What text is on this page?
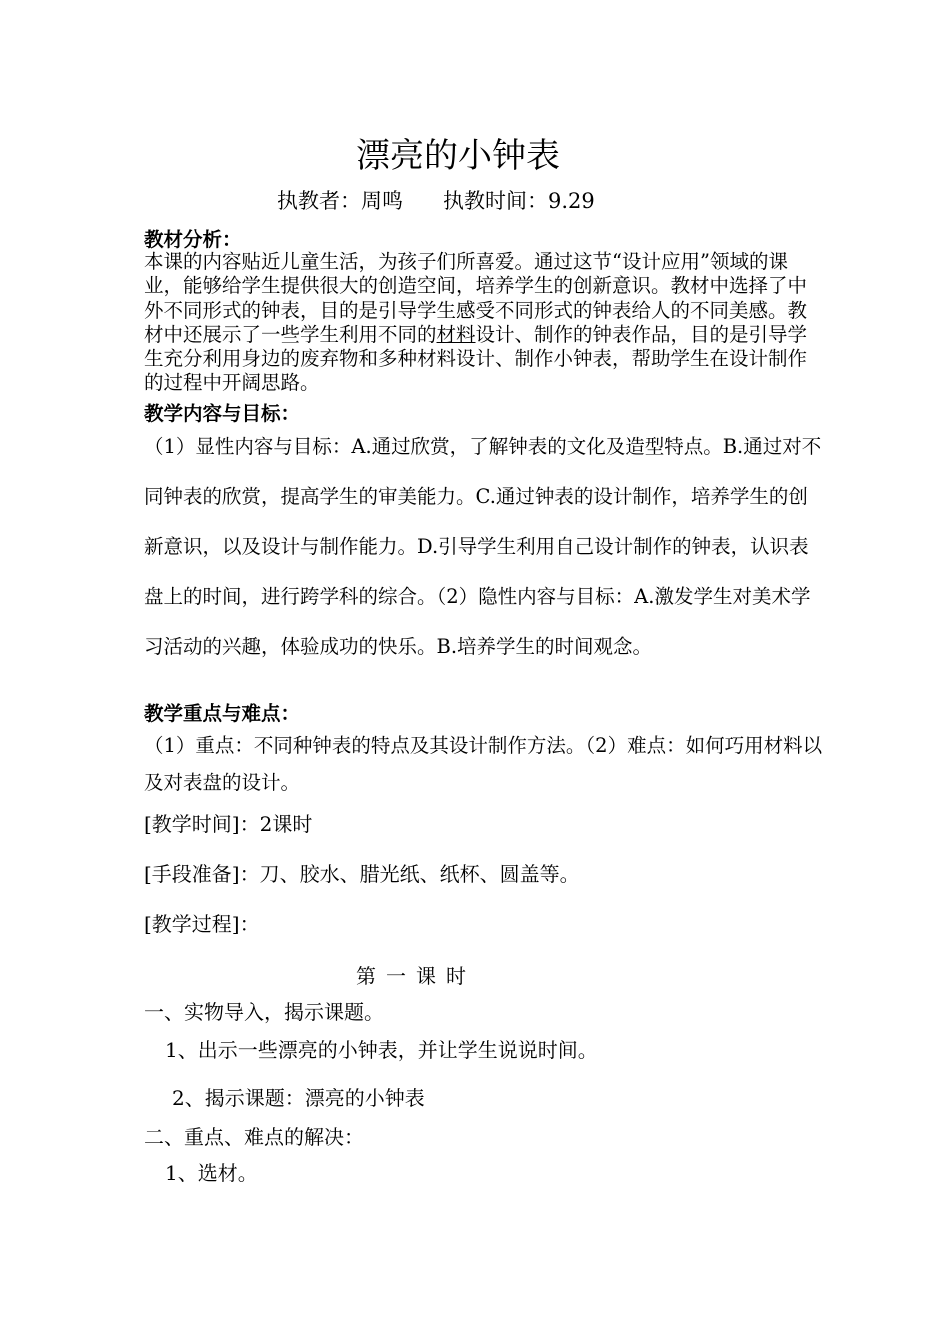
漂亮的小钟表
执教者：周鸣 执教时间：9.29
教材分析：
本课的内容贴近儿童生活，为孩子们所喜爱。通过这节“设计应用”领域的课业，能够给学生提供很大的创造空间，培养学生的创新意识。教材中选择了中外不同形式的钟表，目的是引导学生感受不同形式的钟表给人的不同美感。教材中还展示了一些学生利用不同的材料设计、制作的钟表作品，目的是引导学生充分利用身边的废弃物和多种材料设计、制作小钟表，帮助学生在设计制作的过程中开阔思路。
教学内容与目标：
（1）显性内容与目标：A.通过欣赏，了解钟表的文化及造型特点。B.通过对不同钟表的欣赏，提高学生的审美能力。C.通过钟表的设计制作，培养学生的创新意识，以及设计与制作能力。D.引导学生利用自己设计制作的钟表，认识表盘上的时间，进行跨学科的综合。（2）隐性内容与目标：A.激发学生对美术学习活动的兴趣，体验成功的快乐。B.培养学生的时间观念。
教学重点与难点：
（1）重点：不同种钟表的特点及其设计制作方法。（2）难点：如何巧用材料以及对表盘的设计。
[教学时间]：2课时
[手段准备]：刀、胶水、腊光纸、纸杯、圆盖等。
[教学过程]：
第一课时
一、实物导入，揭示课题。
1、出示一些漂亮的小钟表，并让学生说说时间。
2、揭示课题：漂亮的小钟表
二、重点、难点的解决：
1、选材。
